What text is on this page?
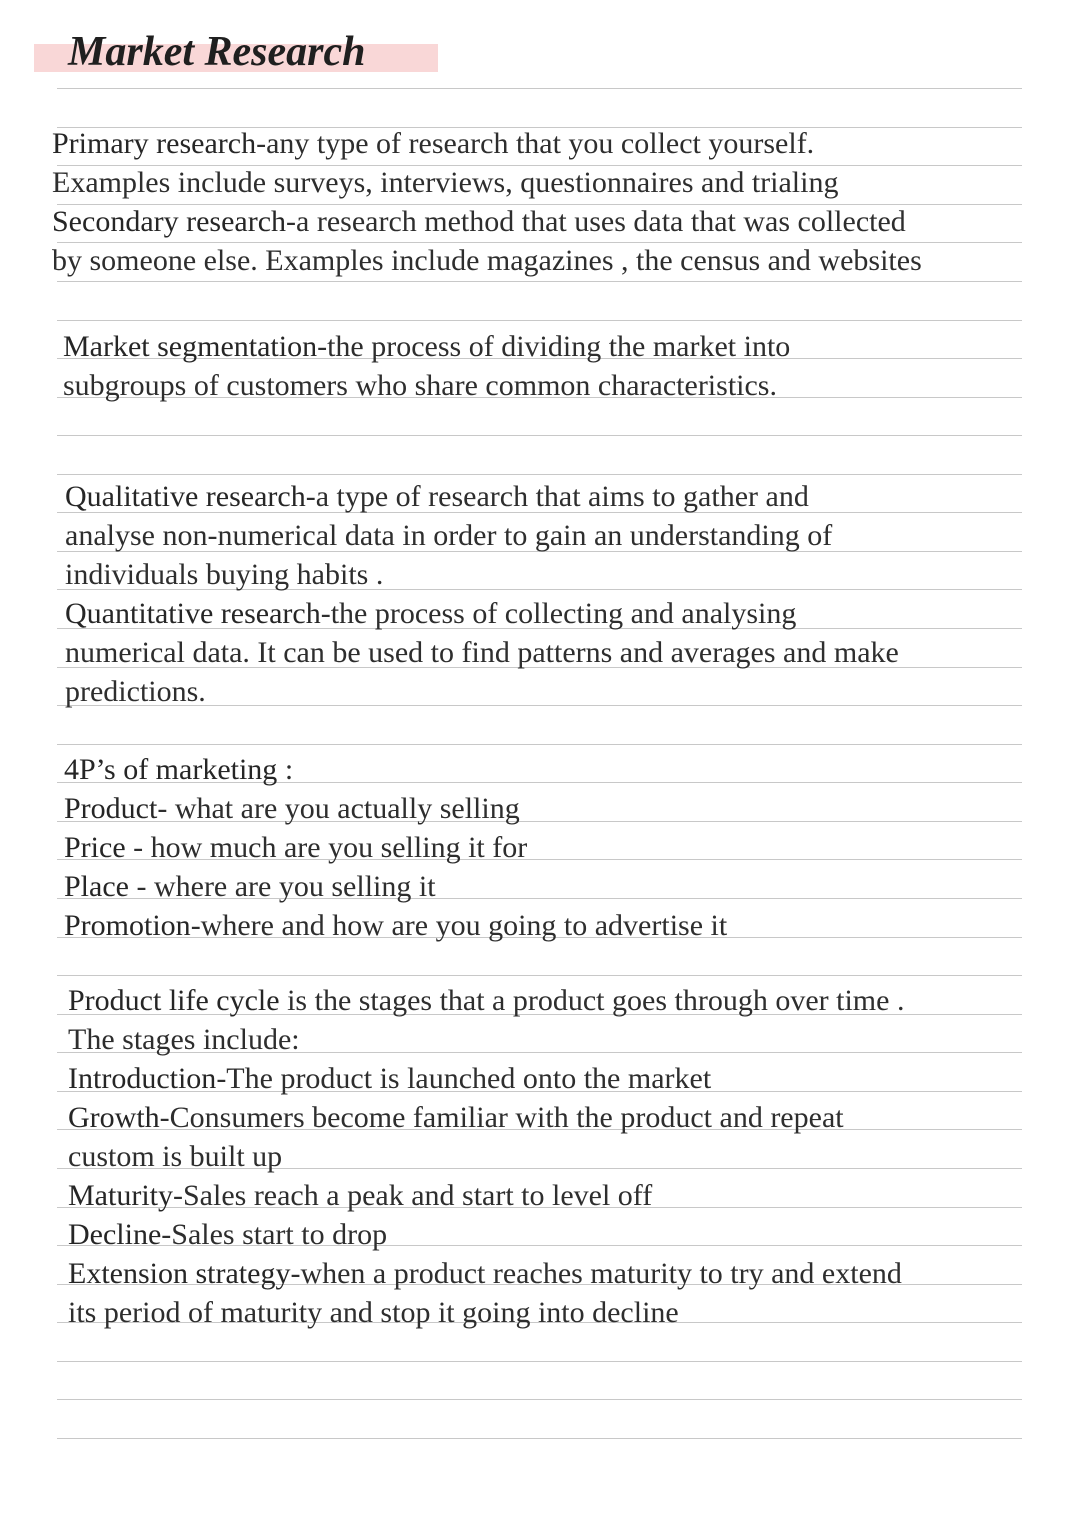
Market Research
Primary research-any type of research that you collect yourself.
Examples include surveys, interviews, questionnaires and trialing
Secondary research-a research method that uses data that was collected
by someone else. Examples include magazines , the census and websites
Market segmentation-the process of dividing the market into
subgroups of customers who share common characteristics.
Qualitative research-a type of research that aims to gather and
analyse non-numerical data in order to gain an understanding of
individuals buying habits .
Quantitative research-the process of collecting and analysing
numerical data. It can be used to find patterns and averages and make
predictions.
4P’s of marketing :
Product- what are you actually selling
Price - how much are you selling it for
Place - where are you selling it
Promotion-where and how are you going to advertise it
Product life cycle is the stages that a product goes through over time .
The stages include:
Introduction-The product is launched onto the market
Growth-Consumers become familiar with the product and repeat
custom is built up
Maturity-Sales reach a peak and start to level off
Decline-Sales start to drop
Extension strategy-when a product reaches maturity to try and extend
its period of maturity and stop it going into decline
